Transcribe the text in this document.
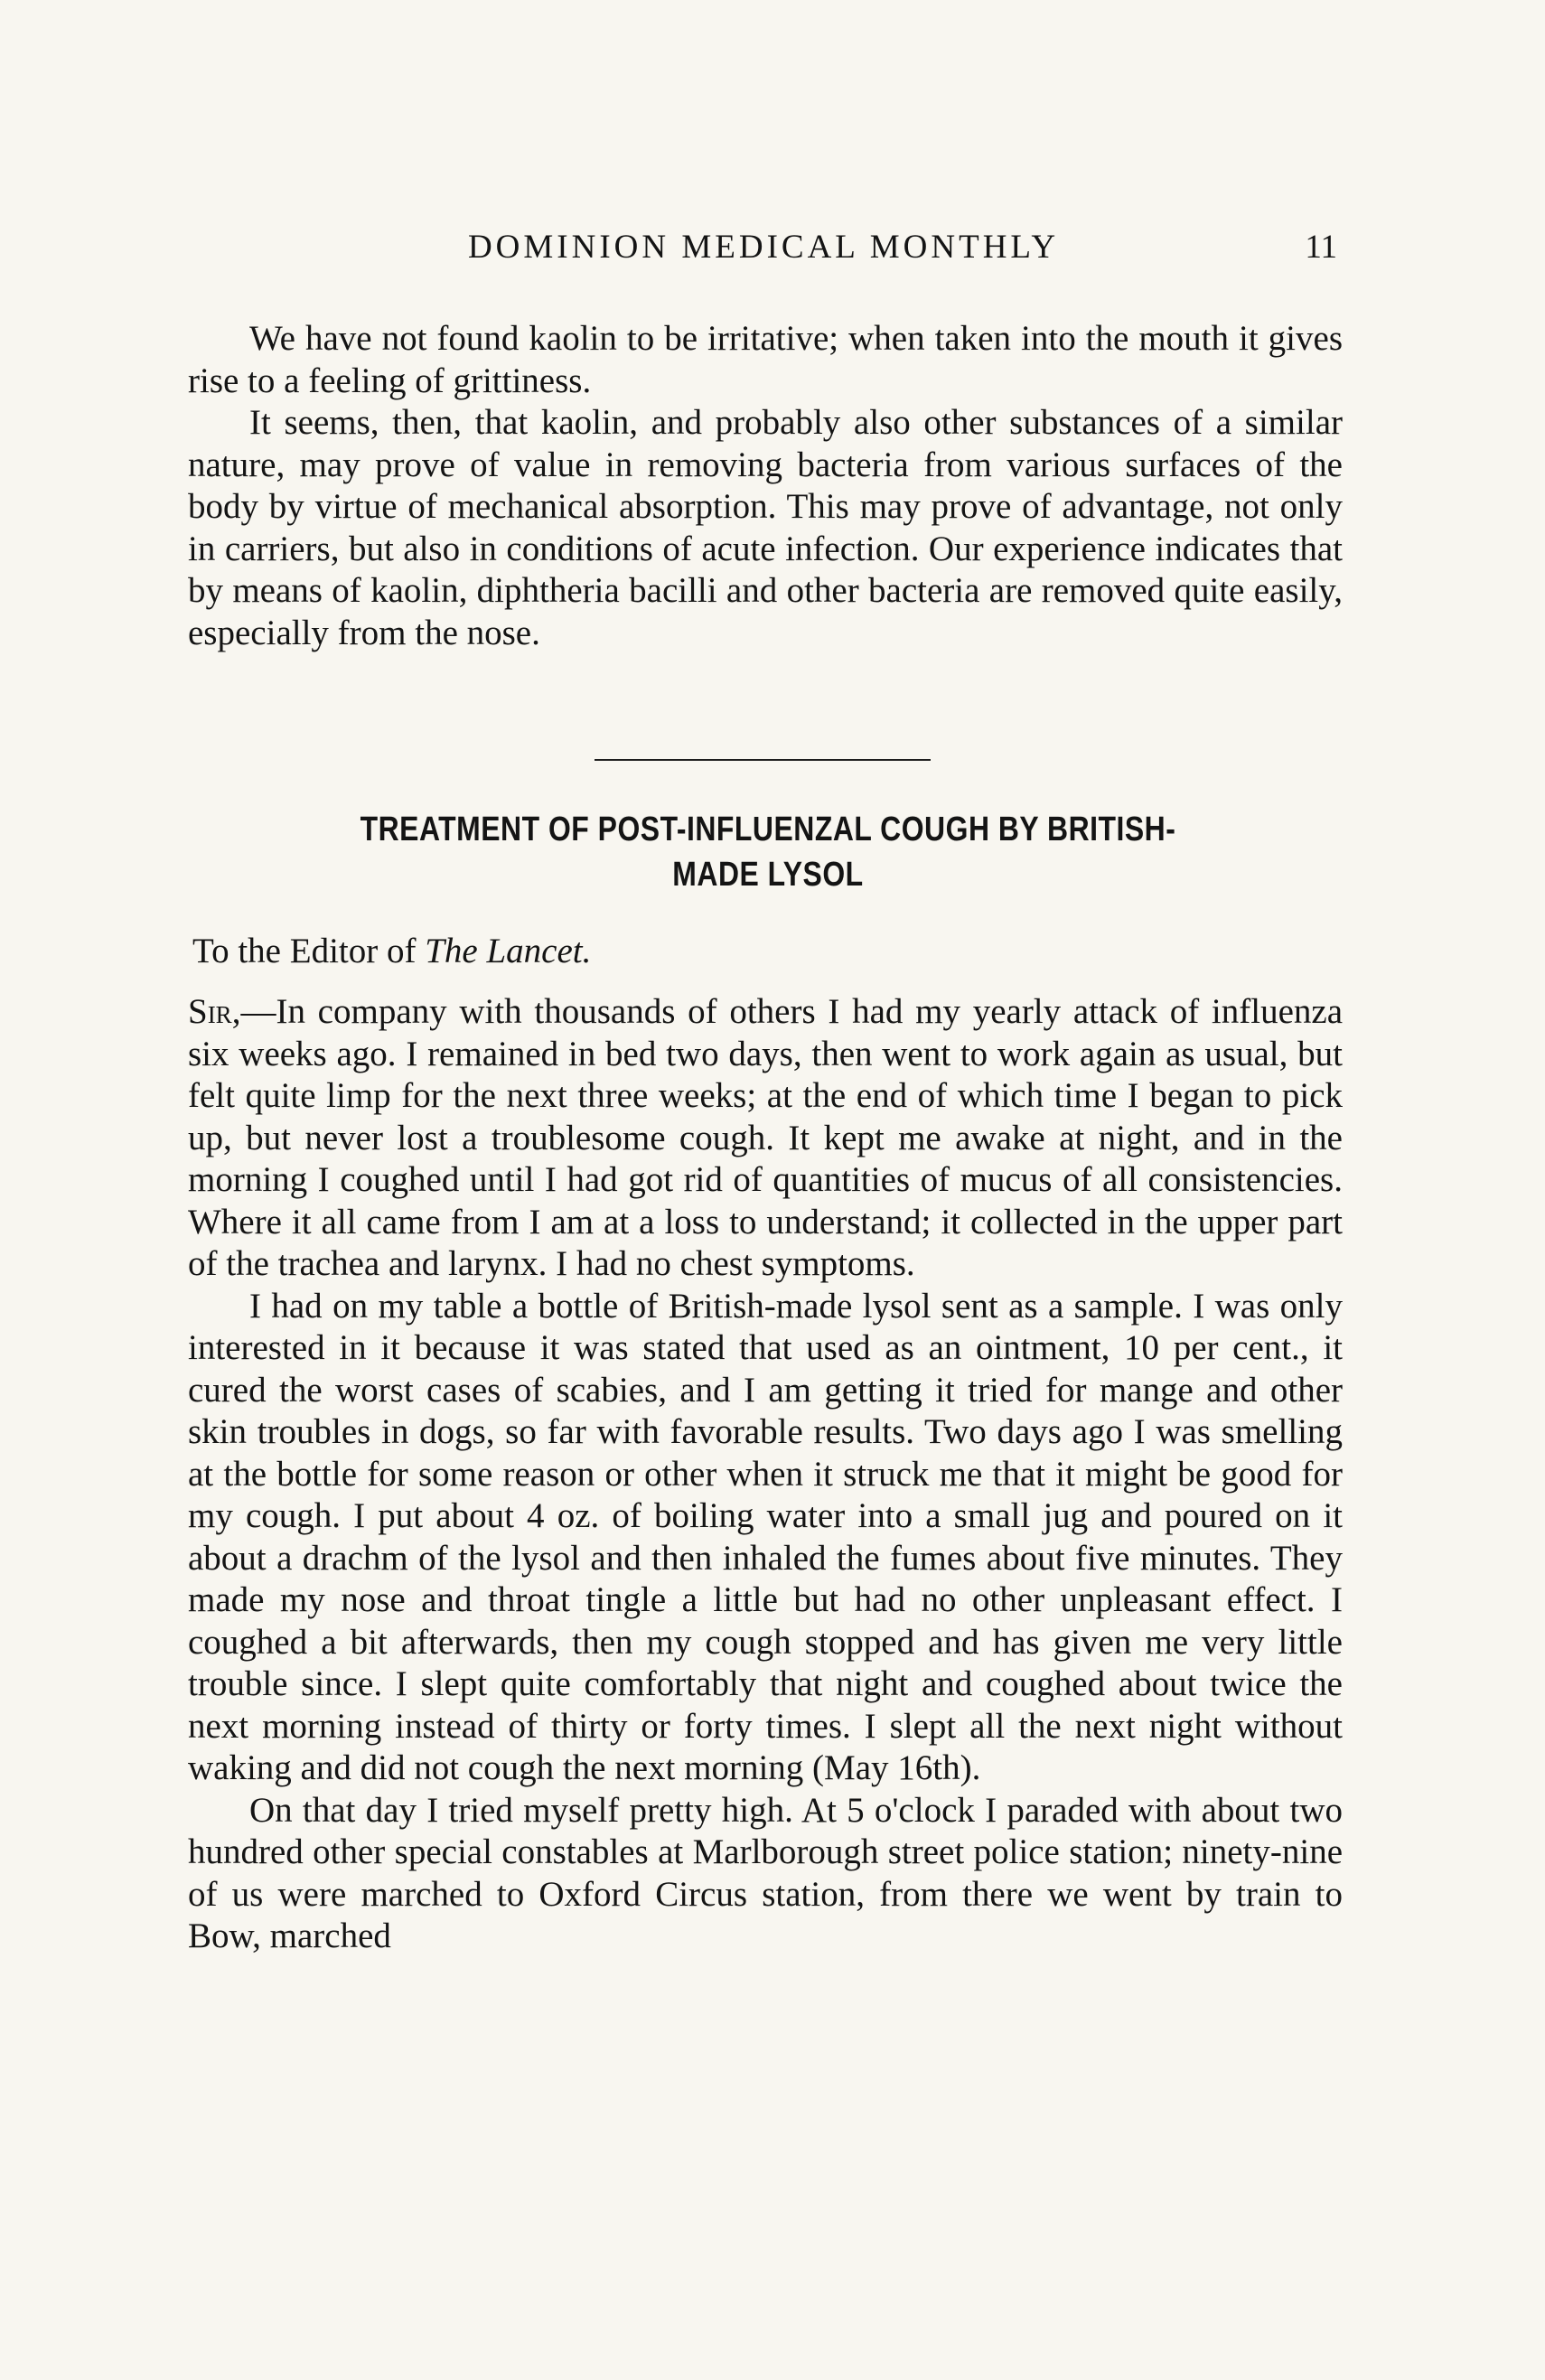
DOMINION MEDICAL MONTHLY	11

We have not found kaolin to be irritative; when taken into the mouth it gives rise to a feeling of grittiness.

It seems, then, that kaolin, and probably also other substances of a similar nature, may prove of value in removing bacteria from various surfaces of the body by virtue of mechanical absorption. This may prove of advantage, not only in carriers, but also in conditions of acute infection. Our experience indicates that by means of kaolin, diphtheria bacilli and other bacteria are removed quite easily, especially from the nose.

TREATMENT OF POST-INFLUENZAL COUGH BY BRITISH-
MADE LYSOL
To the Editor of The Lancet.

Sir,—In company with thousands of others I had my yearly attack of influenza six weeks ago. I remained in bed two days, then went to work again as usual, but felt quite limp for the next three weeks; at the end of which time I began to pick up, but never lost a troublesome cough. It kept me awake at night, and in the morning I coughed until I had got rid of quantities of mucus of all consistencies. Where it all came from I am at a loss to understand; it collected in the upper part of the trachea and larynx. I had no chest symptoms.

I had on my table a bottle of British-made lysol sent as a sample. I was only interested in it because it was stated that used as an ointment, 10 per cent., it cured the worst cases of scabies, and I am getting it tried for mange and other skin troubles in dogs, so far with favorable results. Two days ago I was smelling at the bottle for some reason or other when it struck me that it might be good for my cough. I put about 4 oz. of boiling water into a small jug and poured on it about a drachm of the lysol and then inhaled the fumes about five minutes. They made my nose and throat tingle a little but had no other unpleasant effect. I coughed a bit afterwards, then my cough stopped and has given me very little trouble since. I slept quite comfortably that night and coughed about twice the next morning instead of thirty or forty times. I slept all the next night without waking and did not cough the next morning (May 16th).

On that day I tried myself pretty high. At 5 o'clock I paraded with about two hundred other special constables at Marlborough street police station; ninety-nine of us were marched to Oxford Circus station, from there we went by train to Bow, marched
